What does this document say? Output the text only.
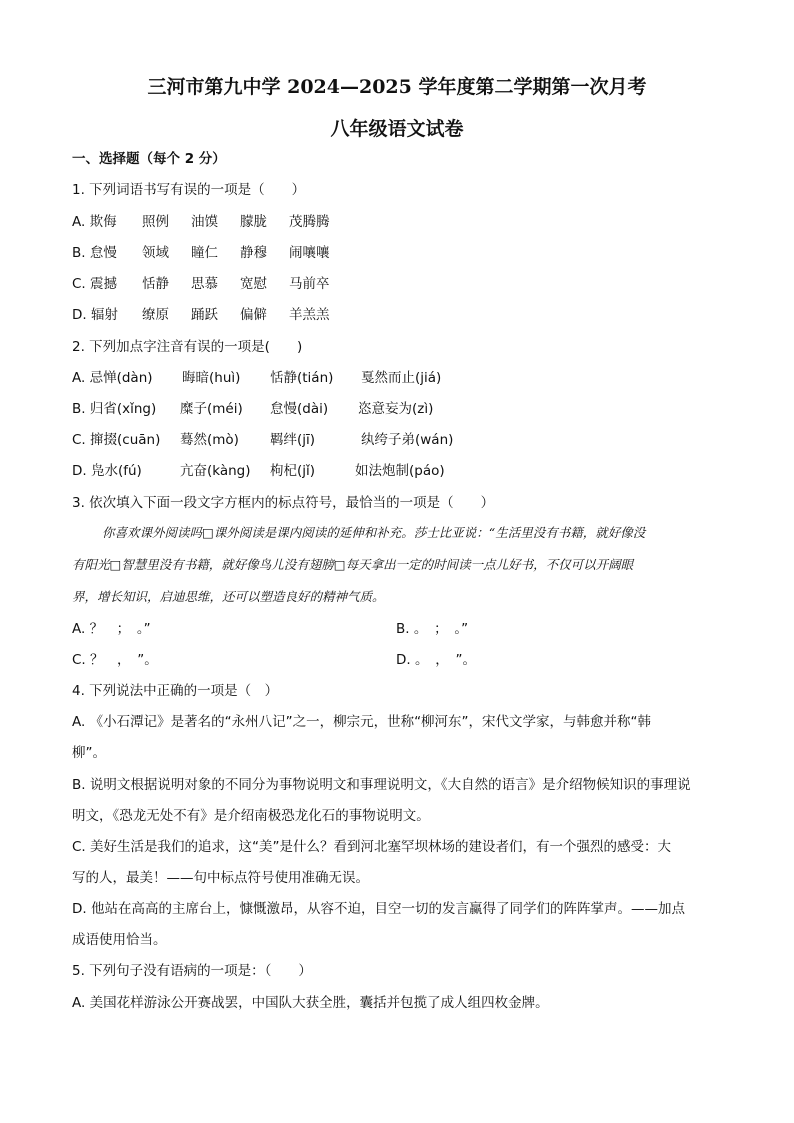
三河市第九中学 2024—2025 学年度第二学期第一次月考
八年级语文试卷
一、选择题（每个 2 分）
1. 下列词语书写有误的一项是（　　）
A. 欺侮 照例 油馍 朦胧 茂腾腾
B. 怠慢 领域 瞳仁 静穆 闹嚷嚷
C. 震撼 恬静 思慕 宽慰 马前卒
D. 辐射 缭原 踊跃 偏僻 羊羔羔
2. 下列加点字注音有误的一项是(　　)
A. 忌惮(dàn) 晦暗(huì) 恬静(tián) 戛然而止(jiá)
B. 归省(xǐng) 糜子(méi) 怠慢(dài) 恣意妄为(zì)
C. 撺掇(cuān) 蓦然(mò) 羁绊(jī)	纨绔子弟(wán)
D. 凫水(fú)	亢奋(kàng) 枸杞(jǐ)	如法炮制(páo)
3. 依次填入下面一段文字方框内的标点符号，最恰当的一项是（　　）
你喜欢课外阅读吗□课外阅读是课内阅读的延伸和补充。莎士比亚说：“生活里没有书籍，就好像没
有阳光□智慧里没有书籍，就好像鸟儿没有翅膀□每天拿出一定的时间读一点儿好书，不仅可以开阔眼
界，增长知识，启迪思维，还可以塑造良好的精神气质。
A. ？　；　。”	B. 。　；　。”
C. ？　，　”。	D. 。　，　”。
4. 下列说法中正确的一项是（　）
A. 《小石潭记》是著名的“永州八记”之一，柳宗元，世称“柳河东”，宋代文学家，与韩愈并称“韩
柳”。
B. 说明文根据说明对象的不同分为事物说明文和事理说明文，《大自然的语言》是介绍物候知识的事理说
明文，《恐龙无处不有》是介绍南极恐龙化石的事物说明文。
C. 美好生活是我们的追求，这“美”是什么？看到河北塞罕坝林场的建设者们，有一个强烈的感受：大
写的人，最美！——句中标点符号使用准确无误。
D. 他站在高高的主席台上，慷慨激昂，从容不迫，目空一切的发言赢得了同学们的阵阵掌声。——加点
成语使用恰当。
5. 下列句子没有语病的一项是：（　　）
A. 美国花样游泳公开赛战罢，中国队大获全胜，囊括并包揽了成人组四枚金牌。
